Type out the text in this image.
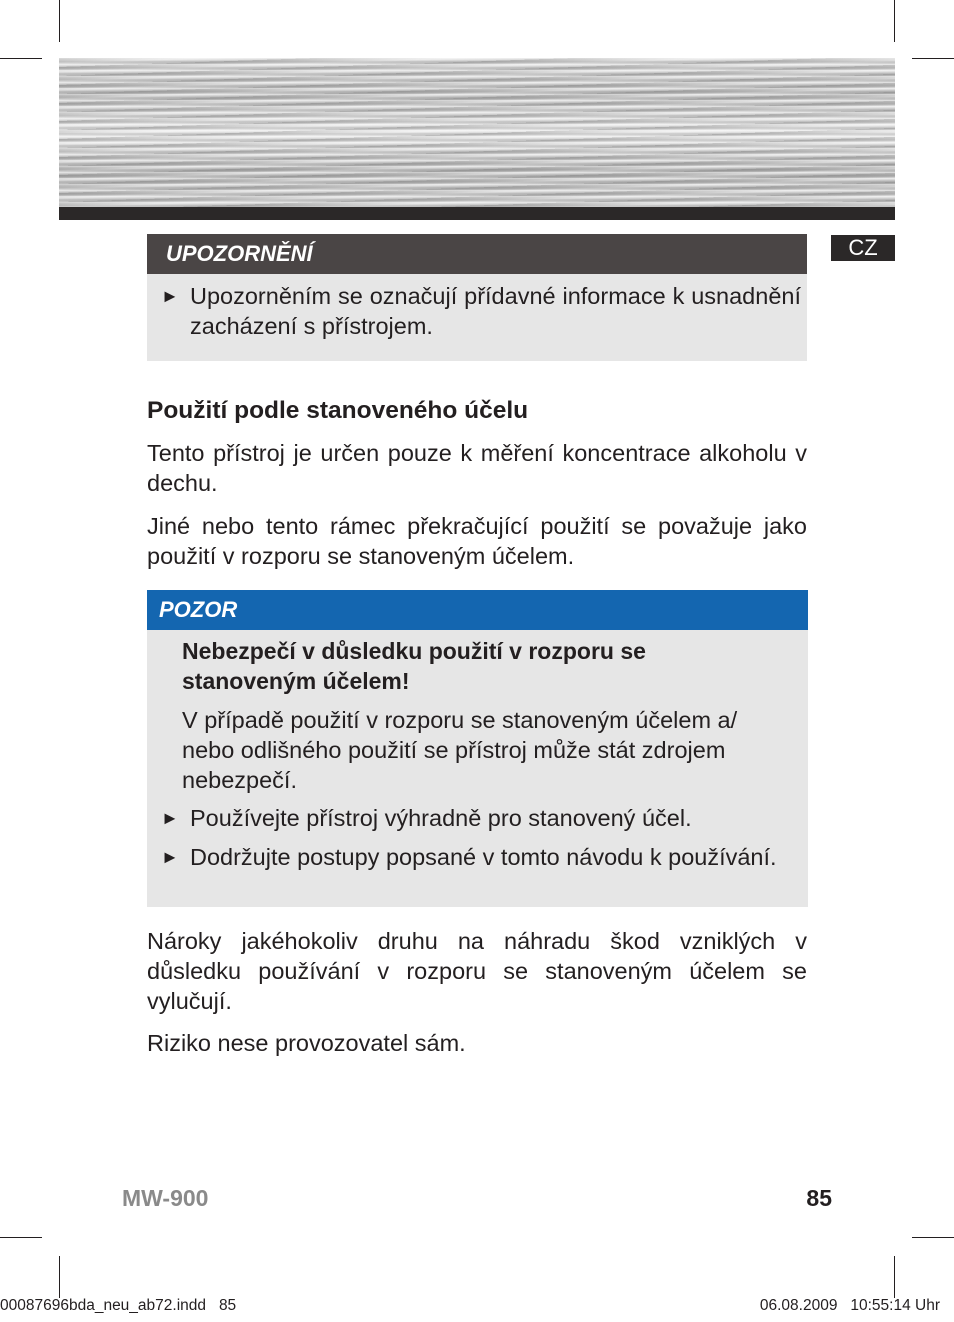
CZ
UPOZORNĚNÍ
► Upozorněním se označují přídavné informace k usnadnění zacházení s přístrojem.
Použití podle stanoveného účelu
Tento přístroj je určen pouze k měření koncentrace alkoholu v dechu.
Jiné nebo tento rámec překračující použití se považuje jako použití v rozporu se stanoveným účelem.
POZOR
Nebezpečí v důsledku použití v rozporu se stanoveným účelem!
V případě použití v rozporu se stanoveným účelem a/ nebo odlišného použití se přístroj může stát zdrojem nebezpečí.
► Používejte přístroj výhradně pro stanovený účel.
► Dodržujte postupy popsané v tomto návodu k používání.
Nároky jakéhokoliv druhu na náhradu škod vzniklých v důsledku používání v rozporu se stanoveným účelem se vylučují.
Riziko nese provozovatel sám.
MW-900	85
00087696bda_neu_ab72.indd   85	06.08.2009   10:55:14 Uhr
